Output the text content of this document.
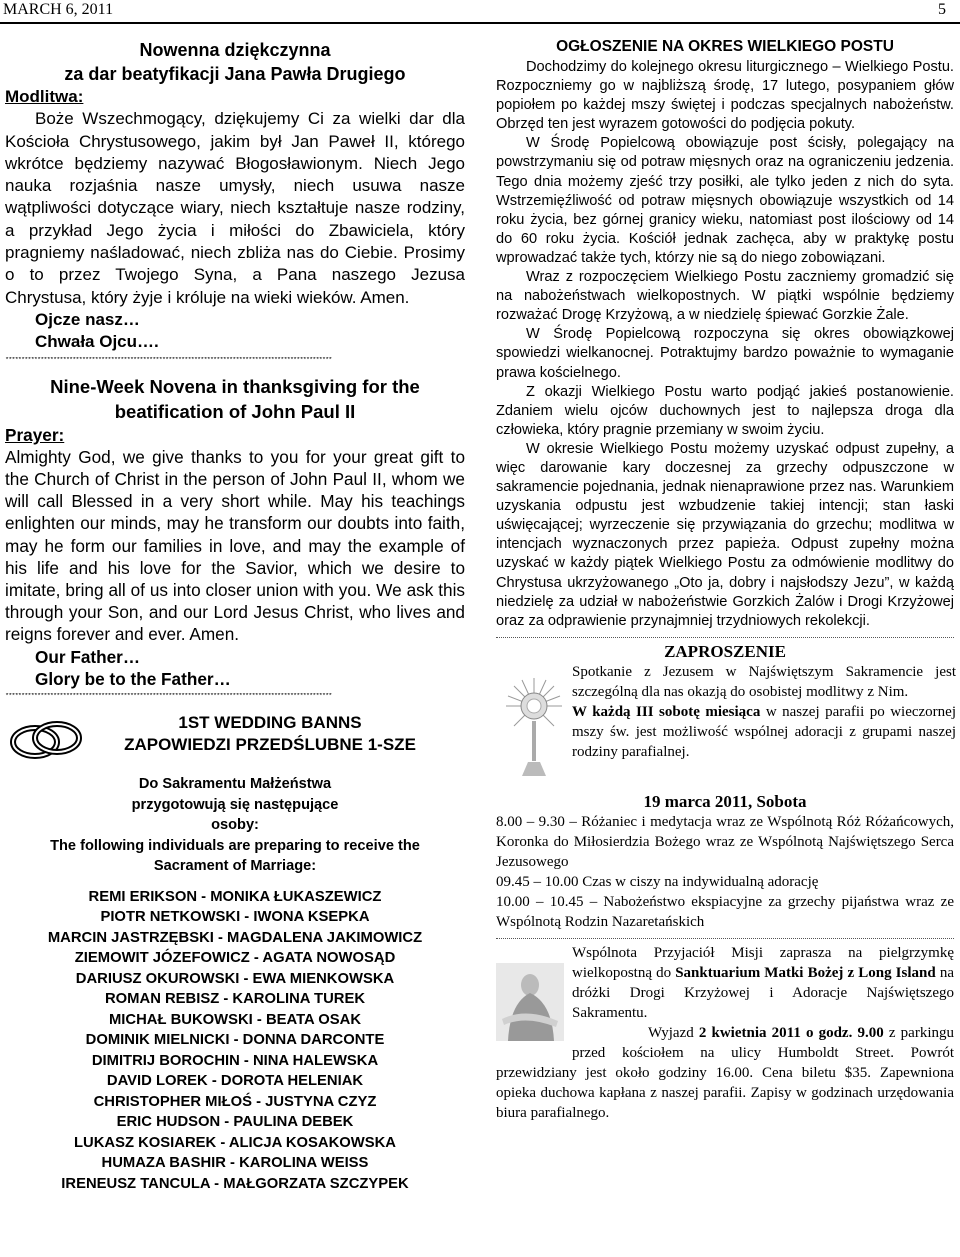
MARCH 6, 2011	5
Nowenna dziękczynna
za dar beatyfikacji Jana Pawła Drugiego
Modlitwa:

Boże Wszechmogący, dziękujemy Ci za wielki dar dla Kościoła Chrystusowego, jakim był Jan Paweł II, którego wkrótce będziemy nazywać Błogosławionym. Niech Jego nauka rozjaśnia nasze umysły, niech usuwa nasze wątpliwości dotyczące wiary, niech kształtuje nasze rodziny, a przykład Jego życia i miłości do Zbawiciela, który pragniemy naśladować, niech zbliża nas do Ciebie. Prosimy o to przez Twojego Syna, a Pana naszego Jezusa Chrystusa, który żyje i króluje na wieki wieków. Amen.

Ojcze nasz…
Chwała Ojcu….
******************************************************************************************************
Nine-Week Novena in thanksgiving for the beatification of John Paul II
Prayer:

Almighty God, we give thanks to you for your great gift to the Church of Christ in the person of John Paul II, whom we will call Blessed in a very short while. May his teachings enlighten our minds, may he transform our doubts into faith, may he form our families in love, and may the example of his life and his love for the Savior, which we desire to imitate, bring all of us into closer union with you. We ask this through your Son, and our Lord Jesus Christ, who lives and reigns forever and ever. Amen.

Our Father…
Glory be to the Father…
******************************************************************************************************
1ST WEDDING BANNS
ZAPOWIEDZI PRZEDŚLUBNE 1-SZE
Do Sakramentu Małżeństwa przygotowują się następujące osoby:
The following individuals are preparing to receive the Sacrament of Marriage:
REMI ERIKSON - MONIKA ŁUKASZEWICZ
PIOTR NETKOWSKI - IWONA KSEPKA
MARCIN JASTRZĘBSKI - MAGDALENA JAKIMOWICZ
ZIEMOWIT JÓZEFOWICZ - AGATA NOWOSĄD
DARIUSZ OKUROWSKI - EWA MIENKOWSKA
ROMAN REBISZ - KAROLINA TUREK
MICHAŁ BUKOWSKI - BEATA OSAK
DOMINIK MIELNICKI - DONNA DARCONTE
DIMITRIJ BOROCHIN - NINA HALEWSKA
DAVID LOREK - DOROTA HELENIAK
CHRISTOPHER MIŁOŚ - JUSTYNA CZYZ
ERIC HUDSON - PAULINA DEBEK
LUKASZ KOSIAREK - ALICJA KOSAKOWSKA
HUMAZA BASHIR - KAROLINA WEISS
IRENEUSZ TANCULA - MAŁGORZATA SZCZYPEK
OGŁOSZENIE NA OKRES WIELKIEGO POSTU

Dochodzimy do kolejnego okresu liturgicznego – Wielkiego Postu. Rozpoczniemy go w najbliższą środę, 17 lutego, posypaniem głów popiołem po każdej mszy świętej i podczas specjalnych nabożeństw. Obrzęd ten jest wyrazem gotowości do podjęcia pokuty.

W Środę Popielcową obowiązuje post ścisły, polegający na powstrzymaniu się od potraw mięsnych oraz na ograniczeniu jedzenia. Tego dnia możemy zjeść trzy posiłki, ale tylko jeden z nich do syta. Wstrzemięźliwość od potraw mięsnych obowiązuje wszystkich od 14 roku życia, bez górnej granicy wieku, natomiast post ilościowy od 14 do 60 roku życia. Kościół jednak zachęca, aby w praktykę postu wprowadzać także tych, którzy nie są do niego zobowiązani.

Wraz z rozpoczęciem Wielkiego Postu zaczniemy gromadzić się na nabożeństwach wielkopostnych. W piątki wspólnie będziemy rozważać Drogę Krzyżową, a w niedzielę śpiewać Gorzkie Żale.

W Środę Popielcową rozpoczyna się okres obowiązkowej spowiedzi wielkanocnej. Potraktujmy bardzo poważnie to wymaganie prawa kościelnego.

Z okazji Wielkiego Postu warto podjąć jakieś postanowienie. Zdaniem wielu ojców duchownych jest to najlepsza droga dla człowieka, który pragnie przemiany w swoim życiu.

W okresie Wielkiego Postu możemy uzyskać odpust zupełny, a więc darowanie kary doczesnej za grzechy odpuszczone w sakramencie pojednania, jednak nienaprawione przez nas. Warunkiem uzyskania odpustu jest wzbudzenie takiej intencji; stan łaski uświęcającej; wyrzeczenie się przywiązania do grzechu; modlitwa w intencjach wyznaczonych przez papieża. Odpust zupełny można uzyskać w każdy piątek Wielkiego Postu za odmówienie modlitwy do Chrystusa ukrzyżowanego „Oto ja, dobry i najsłodszy Jezu”, w każdą niedzielę za udział w nabożeństwie Gorzkich Żalów i Drogi Krzyżowej oraz za odprawienie przynajmniej trzydniowych rekolekcji.

ZAPROSZENIE
Spotkanie z Jezusem w Najświętszym Sakramencie jest szczególną dla nas okazją do osobistej modlitwy z Nim.
W każdą III sobotę miesiąca w naszej parafii po wieczornej mszy św. jest możliwość wspólnej adoracji z grupami naszej rodziny parafialnej.
19 marca 2011, Sobota
8.00 – 9.30 – Różaniec i medytacja wraz ze Wspólnotą Róż Różańcowych, Koronka do Miłosierdzia Bożego wraz ze Wspólnotą Najświętszego Serca Jezusowego
09.45 – 10.00 Czas w ciszy na indywidualną adorację
10.00 – 10.45 – Nabożeństwo ekspiacyjne za grzechy pijaństwa wraz ze Wspólnotą Rodzin Nazaretańskich

Wspólnota Przyjaciół Misji zaprasza na pielgrzymkę wielkopostną do Sanktuarium Matki Bożej z Long Island na dróżki Drogi Krzyżowej i Adoracje Najświętszego Sakramentu.
Wyjazd 2 kwietnia 2011 o godz. 9.00 z parkingu przed kościołem na ulicy Humboldt Street. Powrót przewidziany jest około godziny 16.00. Cena biletu $35. Zapewniona opieka duchowa kapłana z naszej parafii. Zapisy w godzinach urzędowania biura parafialnego.
